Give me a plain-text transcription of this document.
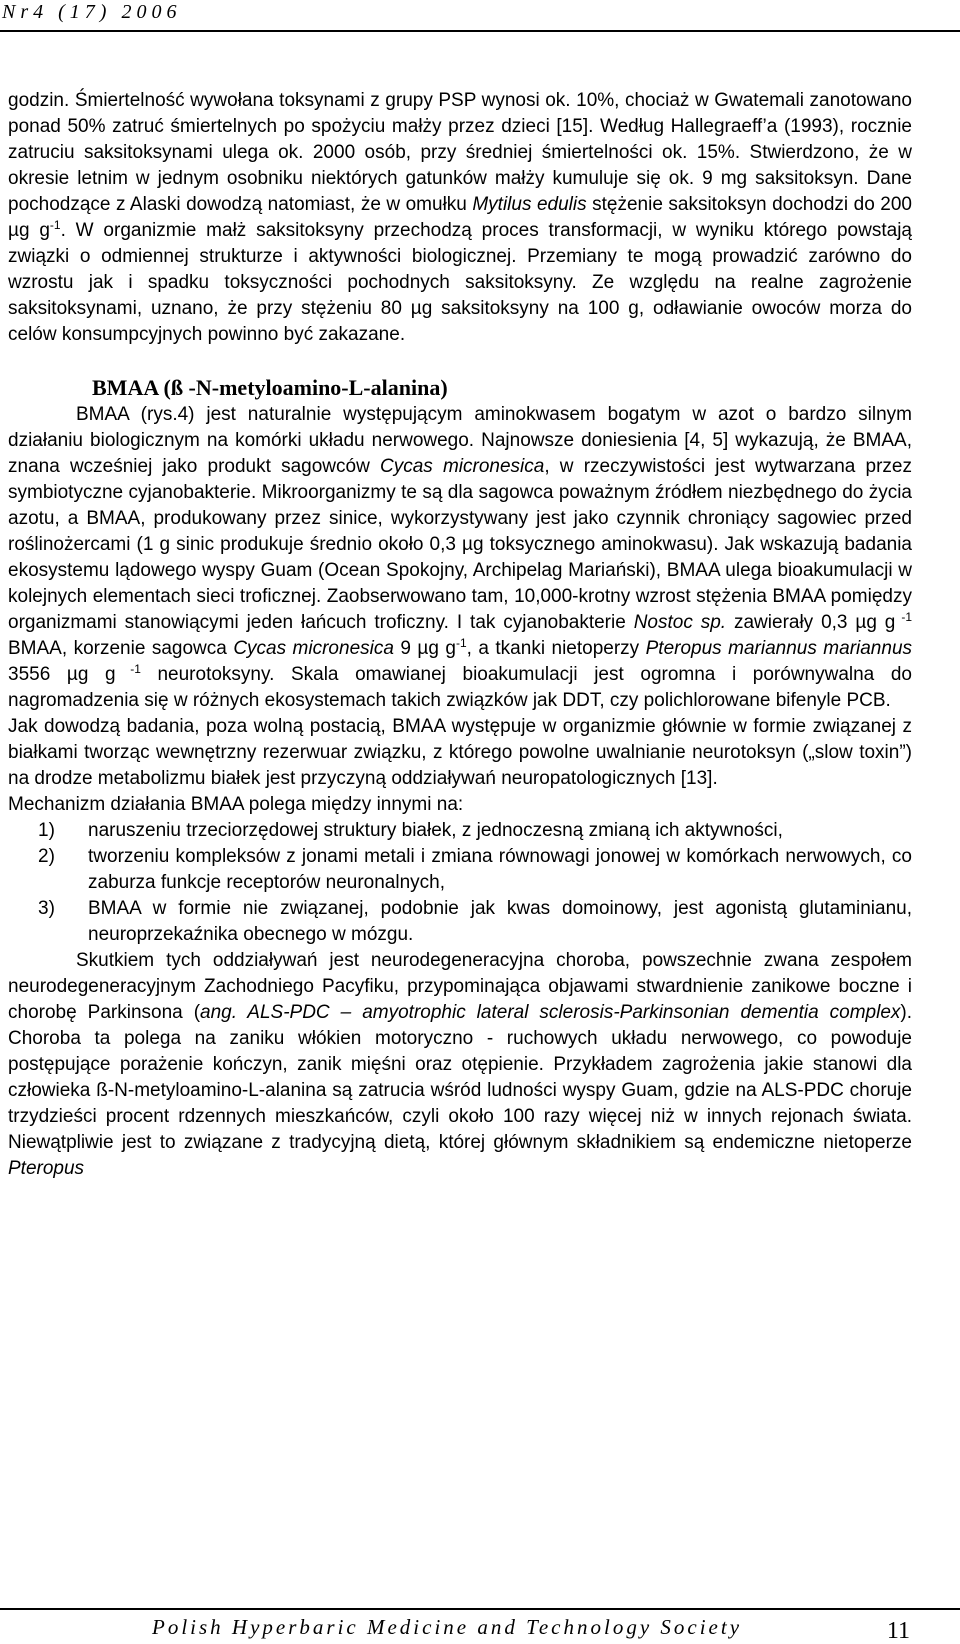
Nr4 (17) 2006

godzin. Śmiertelność wywołana toksynami z grupy PSP wynosi ok. 10%, chociaż w Gwatemali zanotowano ponad 50% zatruć śmiertelnych po spożyciu małży przez dzieci [15]. Według Hallegraeff’a (1993), rocznie zatruciu saksitoksynami ulega ok. 2000 osób, przy średniej śmiertelności ok. 15%. Stwierdzono, że w okresie letnim w jednym osobniku niektórych gatunków małży kumuluje się ok. 9 mg saksitoksyn. Dane pochodzące z Alaski dowodzą natomiast, że w omułku Mytilus edulis stężenie saksitoksyn dochodzi do 200 µg $g^{-1}$. W organizmie małż saksitoksyny przechodzą proces transformacji, w wyniku którego powstają związki o odmiennej strukturze i aktywności biologicznej. Przemiany te mogą prowadzić zarówno do wzrostu jak i spadku toksyczności pochodnych saksitoksyny. Ze względu na realne zagrożenie saksitoksynami, uznano, że przy stężeniu 80 µg saksitoksyny na 100 g, odławianie owoców morza do celów konsumpcyjnych powinno być zakazane.

BMAA (ß -N-metyloamino-L-alanina)

BMAA (rys.4) jest naturalnie występującym aminokwasem bogatym w azot o bardzo silnym działaniu biologicznym na komórki układu nerwowego. Najnowsze doniesienia [4, 5] wykazują, że BMAA, znana wcześniej jako produkt sagowców Cycas micronesica, w rzeczywistości jest wytwarzana przez symbiotyczne cyjanobakterie. Mikroorganizmy te są dla sagowca poważnym źródłem niezbędnego do życia azotu, a BMAA, produkowany przez sinice, wykorzystywany jest jako czynnik chroniący sagowiec przed roślinożercami (1 g sinic produkuje średnio około 0,3 µg toksycznego aminokwasu). Jak wskazują badania ekosystemu lądowego wyspy Guam (Ocean Spokojny, Archipelag Mariański), BMAA ulega bioakumulacji w kolejnych elementach sieci troficznej. Zaobserwowano tam, 10,000-krotny wzrost stężenia BMAA pomiędzy organizmami stanowiącymi jeden łańcuch troficzny. I tak cyjanobakterie Nostoc sp. zawierały 0,3 µg g $^{-1}$ BMAA, korzenie sagowca Cycas micronesica 9 µg $g^{-1}$, a tkanki nietoperzy Pteropus mariannus mariannus 3556 µg g $^{-1}$ neurotoksyny. Skala omawianej bioakumulacji jest ogromna i porównywalna do nagromadzenia się w różnych ekosystemach takich związków jak DDT, czy polichlorowane bifenyle PCB.

Jak dowodzą badania, poza wolną postacią, BMAA występuje w organizmie głównie w formie związanej z białkami tworząc wewnętrzny rezerwuar związku, z którego powolne uwalnianie neurotoksyn („slow toxin”) na drodze metabolizmu białek jest przyczyną oddziaływań neuropatologicznych [13].

Mechanizm działania BMAA polega między innymi na:

1) naruszeniu trzeciorzędowej struktury białek, z jednoczesną zmianą ich aktywności,
2) tworzeniu kompleksów z jonami metali i zmiana równowagi jonowej w komórkach nerwowych, co zaburza funkcje receptorów neuronalnych,
3) BMAA w formie nie związanej, podobnie jak kwas domoinowy, jest agonistą glutaminianu, neuroprzekaźnika obecnego w mózgu.

Skutkiem tych oddziaływań jest neurodegeneracyjna choroba, powszechnie zwana zespołem neurodegeneracyjnym Zachodniego Pacyfiku, przypominająca objawami stwardnienie zanikowe boczne i chorobę Parkinsona (ang. ALS-PDC – amyotrophic lateral sclerosis-Parkinsonian dementia complex). Choroba ta polega na zaniku włókien motoryczno - ruchowych układu nerwowego, co powoduje postępujące porażenie kończyn, zanik mięśni oraz otępienie. Przykładem zagrożenia jakie stanowi dla człowieka ß-N-metyloamino-L-alanina są zatrucia wśród ludności wyspy Guam, gdzie na ALS-PDC choruje trzydzieści procent rdzennych mieszkańców, czyli około 100 razy więcej niż w innych rejonach świata. Niewątpliwie jest to związane z tradycyjną dietą, której głównym składnikiem są endemiczne nietoperze Pteropus

Polish Hyperbaric Medicine and Technology Society	11
